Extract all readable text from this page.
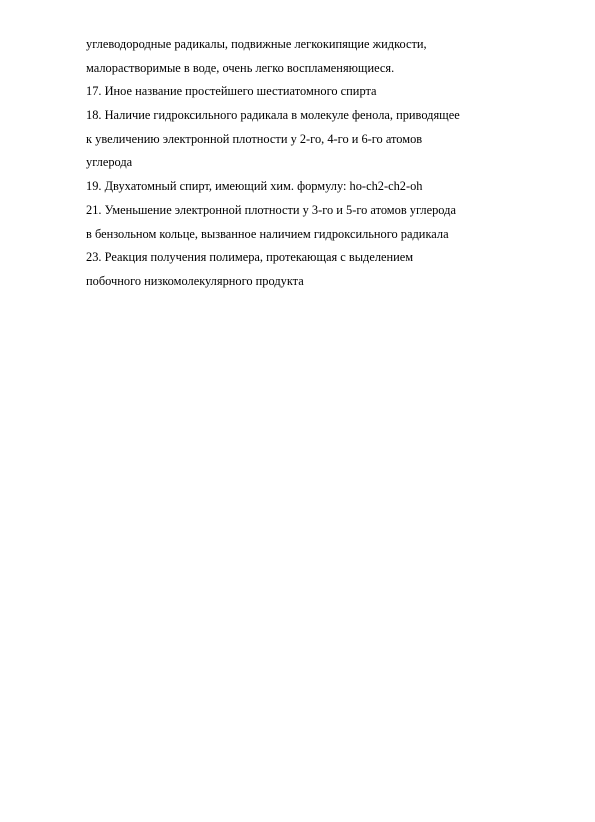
углеводородные радикалы, подвижные легкокипящие жидкости,
малорастворимые в воде, очень легко воспламеняющиеся.
17. Иное название простейшего шестиатомного спирта
18. Наличие гидроксильного радикала в молекуле фенола, приводящее
к увеличению электронной плотности у 2-го, 4-го и 6-го атомов
углерода
19. Двухатомный спирт, имеющий хим. формулу: ho-ch2-ch2-oh
21. Уменьшение электронной плотности у 3-го и 5-го атомов углерода
в бензольном кольце, вызванное наличием гидроксильного радикала
23. Реакция получения полимера, протекающая с выделением
побочного низкомолекулярного продукта
